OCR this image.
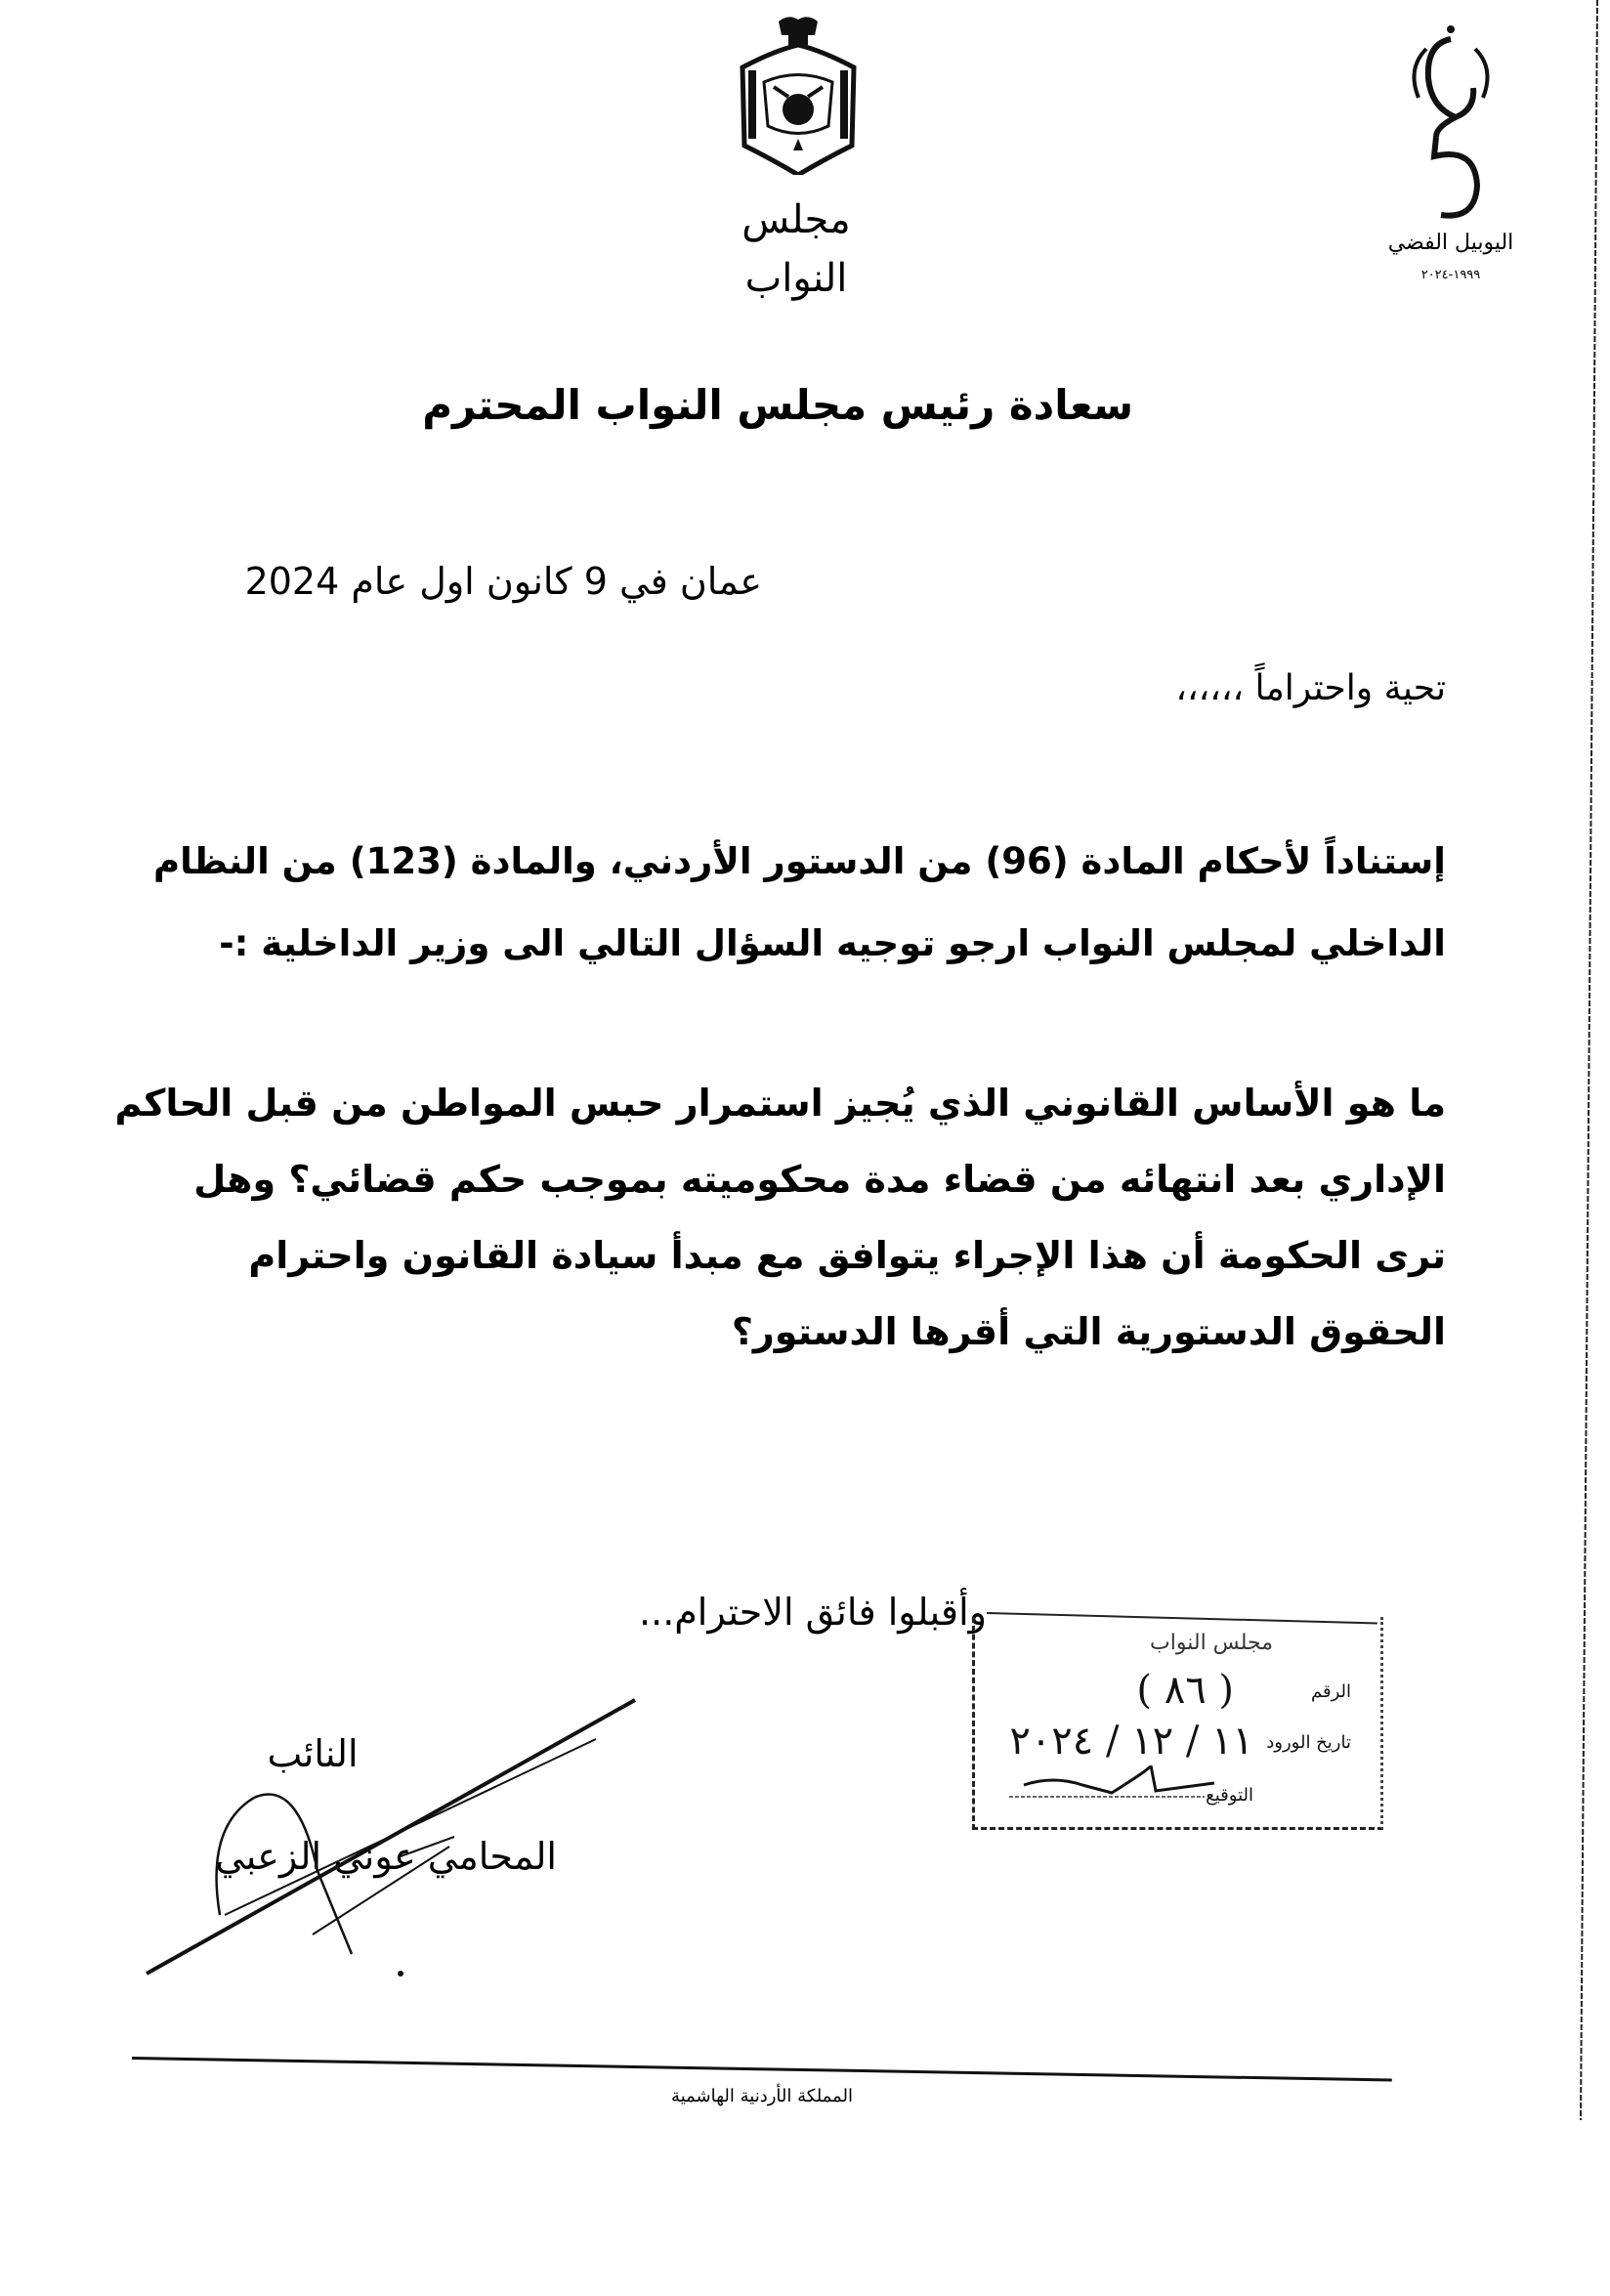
مجلس النواب
اليوبيل الفضي
١٩٩٩-٢٠٢٤
سعادة رئيس مجلس النواب المحترم
عمان في 9 كانون اول عام 2024
تحية واحتراماً ،،،،،،
إستناداً لأحكام المادة (96) من الدستور الأردني، والمادة (123) من النظام
الداخلي لمجلس النواب ارجو توجيه السؤال التالي الى وزير الداخلية :-
ما هو الأساس القانوني الذي يُجيز استمرار حبس المواطن من قبل الحاكم
الإداري بعد انتهائه من قضاء مدة محكوميته بموجب حكم قضائي؟ وهل
ترى الحكومة أن هذا الإجراء يتوافق مع مبدأ سيادة القانون واحترام
الحقوق الدستورية التي أقرها الدستور؟
وأقبلوا فائق الاحترام...
مجلس النواب
الرقم
( ٨٦ )
تاريخ الورود
١١ / ١٢ / ٢٠٢٤
التوقيع
النائب
المحامي عوني الزعبي
المملكة الأردنية الهاشمية
